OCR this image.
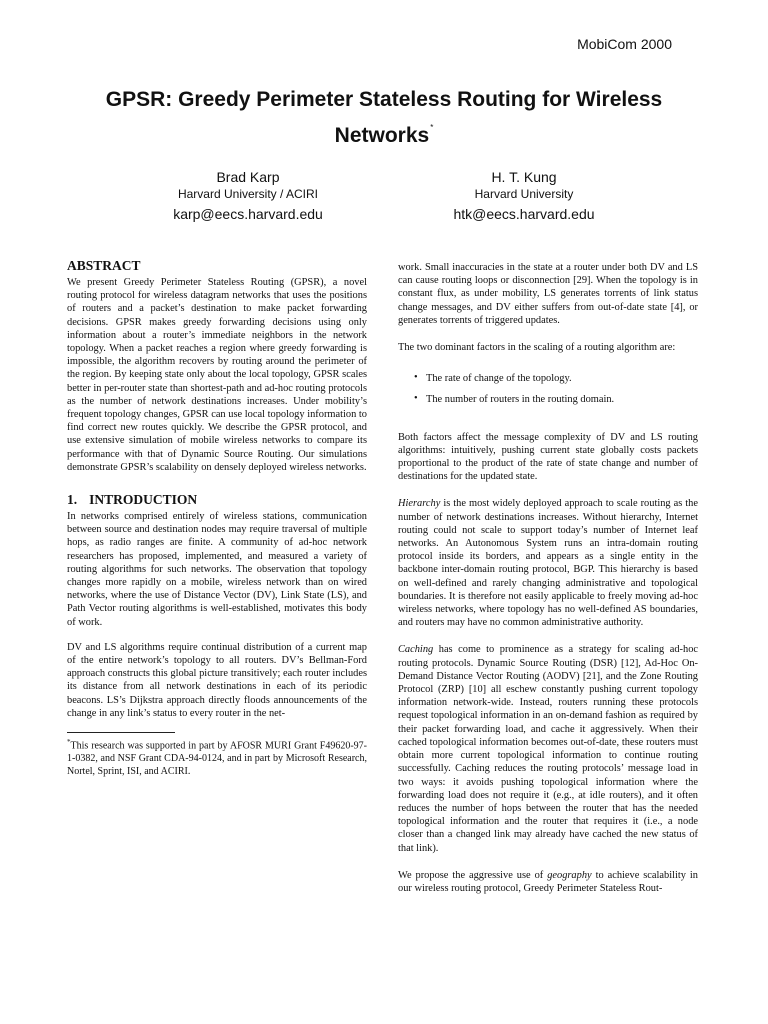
MobiCom 2000
GPSR: Greedy Perimeter Stateless Routing for Wireless Networks*
Brad Karp
Harvard University / ACIRI
karp@eecs.harvard.edu
H. T. Kung
Harvard University
htk@eecs.harvard.edu
ABSTRACT

We present Greedy Perimeter Stateless Routing (GPSR), a novel routing protocol for wireless datagram networks that uses the positions of routers and a packet’s destination to make packet forwarding decisions. GPSR makes greedy forwarding decisions using only information about a router’s immediate neighbors in the network topology. When a packet reaches a region where greedy forwarding is impossible, the algorithm recovers by routing around the perimeter of the region. By keeping state only about the local topology, GPSR scales better in per-router state than shortest-path and ad-hoc routing protocols as the number of network destinations increases. Under mobility’s frequent topology changes, GPSR can use local topology information to find correct new routes quickly. We describe the GPSR protocol, and use extensive simulation of mobile wireless networks to compare its performance with that of Dynamic Source Routing. Our simulations demonstrate GPSR’s scalability on densely deployed wireless networks.

1. INTRODUCTION

In networks comprised entirely of wireless stations, communication between source and destination nodes may require traversal of multiple hops, as radio ranges are finite. A community of ad-hoc network researchers has proposed, implemented, and measured a variety of routing algorithms for such networks. The observation that topology changes more rapidly on a mobile, wireless network than on wired networks, where the use of Distance Vector (DV), Link State (LS), and Path Vector routing algorithms is well-established, motivates this body of work.

DV and LS algorithms require continual distribution of a current map of the entire network’s topology to all routers. DV’s Bellman-Ford approach constructs this global picture transitively; each router includes its distance from all network destinations in each of its periodic beacons. LS’s Dijkstra approach directly floods announcements of the change in any link’s status to every router in the net-

*This research was supported in part by AFOSR MURI Grant F49620-97-1-0382, and NSF Grant CDA-94-0124, and in part by Microsoft Research, Nortel, Sprint, ISI, and ACIRI.

work. Small inaccuracies in the state at a router under both DV and LS can cause routing loops or disconnection [29]. When the topology is in constant flux, as under mobility, LS generates torrents of link status change messages, and DV either suffers from out-of-date state [4], or generates torrents of triggered updates.

The two dominant factors in the scaling of a routing algorithm are:

• The rate of change of the topology.
• The number of routers in the routing domain.

Both factors affect the message complexity of DV and LS routing algorithms: intuitively, pushing current state globally costs packets proportional to the product of the rate of state change and number of destinations for the updated state.

Hierarchy is the most widely deployed approach to scale routing as the number of network destinations increases. Without hierarchy, Internet routing could not scale to support today’s number of Internet leaf networks. An Autonomous System runs an intra-domain routing protocol inside its borders, and appears as a single entity in the backbone inter-domain routing protocol, BGP. This hierarchy is based on well-defined and rarely changing administrative and topological boundaries. It is therefore not easily applicable to freely moving ad-hoc wireless networks, where topology has no well-defined AS boundaries, and routers may have no common administrative authority.

Caching has come to prominence as a strategy for scaling ad-hoc routing protocols. Dynamic Source Routing (DSR) [12], Ad-Hoc On-Demand Distance Vector Routing (AODV) [21], and the Zone Routing Protocol (ZRP) [10] all eschew constantly pushing current topology information network-wide. Instead, routers running these protocols request topological information in an on-demand fashion as required by their packet forwarding load, and cache it aggressively. When their cached topological information becomes out-of-date, these routers must obtain more current topological information to continue routing successfully. Caching reduces the routing protocols’ message load in two ways: it avoids pushing topological information where the forwarding load does not require it (e.g., at idle routers), and it often reduces the number of hops between the router that has the needed topological information and the router that requires it (i.e., a node closer than a changed link may already have cached the new status of that link).

We propose the aggressive use of geography to achieve scalability in our wireless routing protocol, Greedy Perimeter Stateless Rout-
